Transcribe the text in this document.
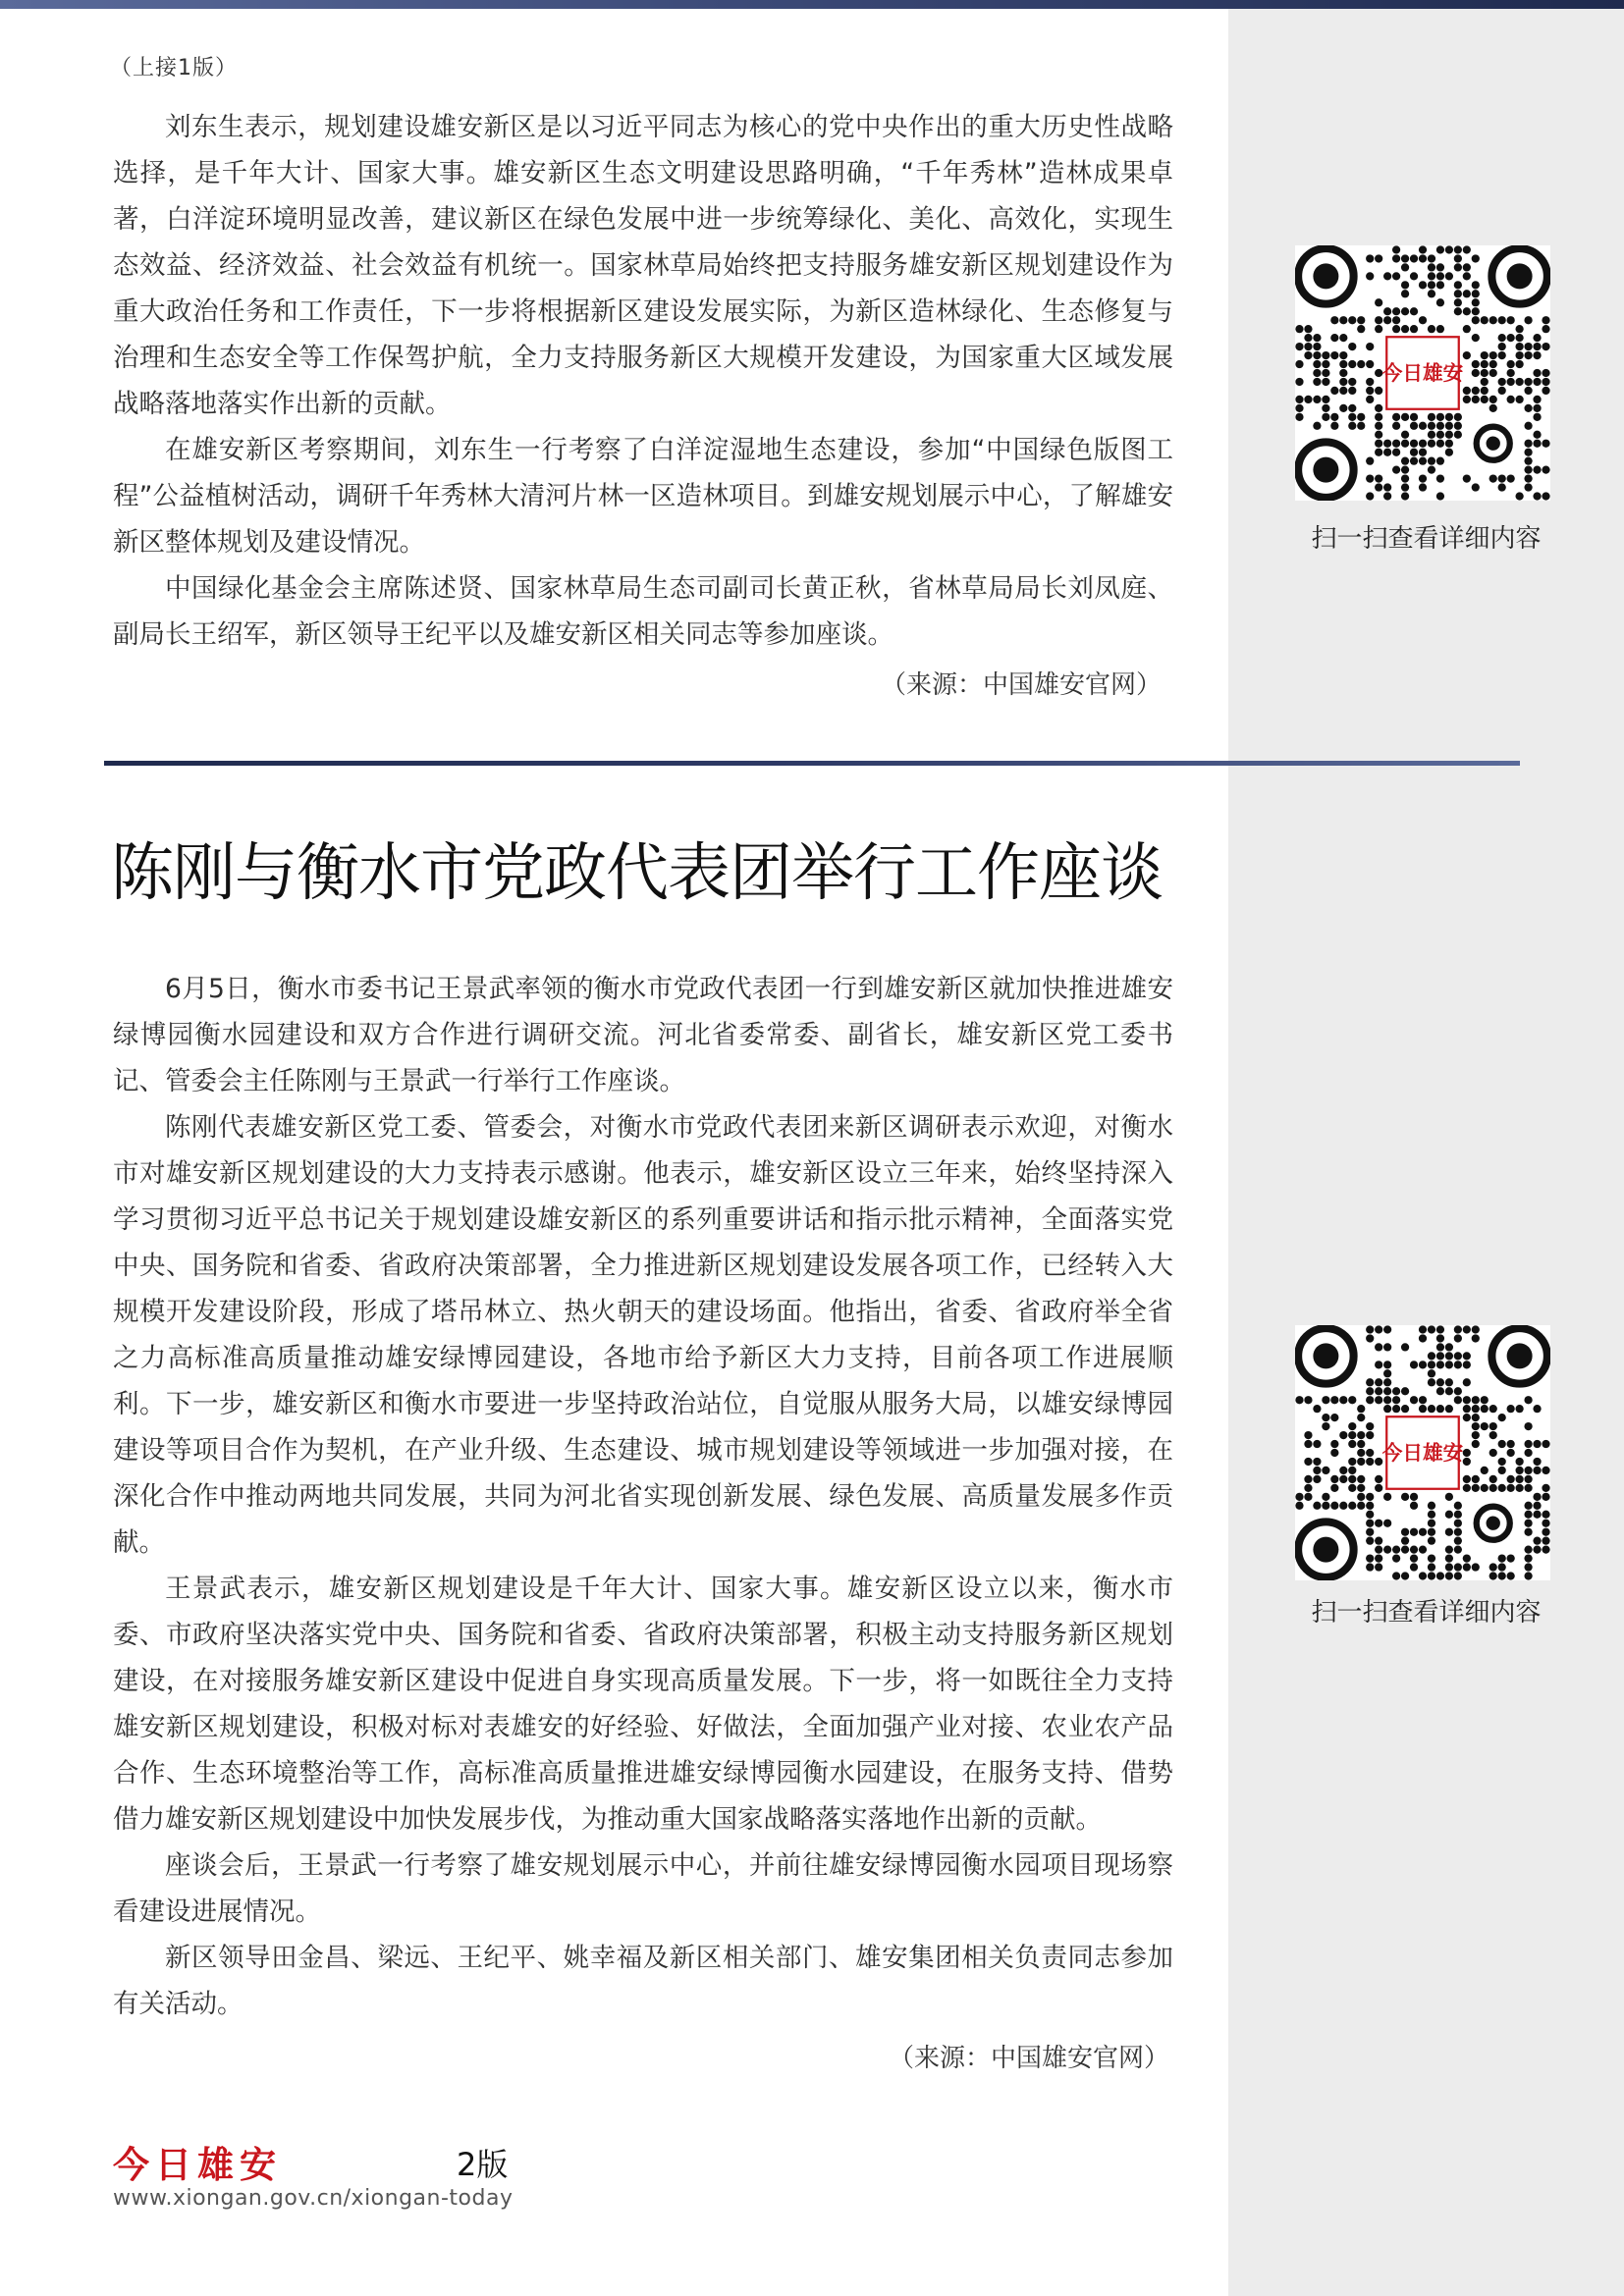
（上接1版）

刘东生表示，规划建设雄安新区是以习近平同志为核心的党中央作出的重大历史性战略选择，是千年大计、国家大事。雄安新区生态文明建设思路明确，“千年秀林”造林成果卓著，白洋淀环境明显改善，建议新区在绿色发展中进一步统筹绿化、美化、高效化，实现生态效益、经济效益、社会效益有机统一。国家林草局始终把支持服务雄安新区规划建设作为重大政治任务和工作责任，下一步将根据新区建设发展实际，为新区造林绿化、生态修复与治理和生态安全等工作保驾护航，全力支持服务新区大规模开发建设，为国家重大区域发展战略落地落实作出新的贡献。

在雄安新区考察期间，刘东生一行考察了白洋淀湿地生态建设，参加“中国绿色版图工程”公益植树活动，调研千年秀林大清河片林一区造林项目。到雄安规划展示中心，了解雄安新区整体规划及建设情况。

中国绿化基金会主席陈述贤、国家林草局生态司副司长黄正秋，省林草局局长刘凤庭、副局长王绍军，新区领导王纪平以及雄安新区相关同志等参加座谈。

（来源：中国雄安官网）
陈刚与衡水市党政代表团举行工作座谈

6月5日，衡水市委书记王景武率领的衡水市党政代表团一行到雄安新区就加快推进雄安绿博园衡水园建设和双方合作进行调研交流。河北省委常委、副省长，雄安新区党工委书记、管委会主任陈刚与王景武一行举行工作座谈。

陈刚代表雄安新区党工委、管委会，对衡水市党政代表团来新区调研表示欢迎，对衡水市对雄安新区规划建设的大力支持表示感谢。他表示，雄安新区设立三年来，始终坚持深入学习贯彻习近平总书记关于规划建设雄安新区的系列重要讲话和指示批示精神，全面落实党中央、国务院和省委、省政府决策部署，全力推进新区规划建设发展各项工作，已经转入大规模开发建设阶段，形成了塔吊林立、热火朝天的建设场面。他指出，省委、省政府举全省之力高标准高质量推动雄安绿博园建设，各地市给予新区大力支持，目前各项工作进展顺利。下一步，雄安新区和衡水市要进一步坚持政治站位，自觉服从服务大局，以雄安绿博园建设等项目合作为契机，在产业升级、生态建设、城市规划建设等领域进一步加强对接，在深化合作中推动两地共同发展，共同为河北省实现创新发展、绿色发展、高质量发展多作贡献。

王景武表示，雄安新区规划建设是千年大计、国家大事。雄安新区设立以来，衡水市委、市政府坚决落实党中央、国务院和省委、省政府决策部署，积极主动支持服务新区规划建设，在对接服务雄安新区建设中促进自身实现高质量发展。下一步，将一如既往全力支持雄安新区规划建设，积极对标对表雄安的好经验、好做法，全面加强产业对接、农业农产品合作、生态环境整治等工作，高标准高质量推进雄安绿博园衡水园建设，在服务支持、借势借力雄安新区规划建设中加快发展步伐，为推动重大国家战略落实落地作出新的贡献。

座谈会后，王景武一行考察了雄安规划展示中心，并前往雄安绿博园衡水园项目现场察看建设进展情况。

新区领导田金昌、梁远、王纪平、姚幸福及新区相关部门、雄安集团相关负责同志参加有关活动。

（来源：中国雄安官网）
今日雄安
扫一扫查看详细内容
今日雄安
扫一扫查看详细内容
今日雄安	2版
www.xiongan.gov.cn/xiongan-today
